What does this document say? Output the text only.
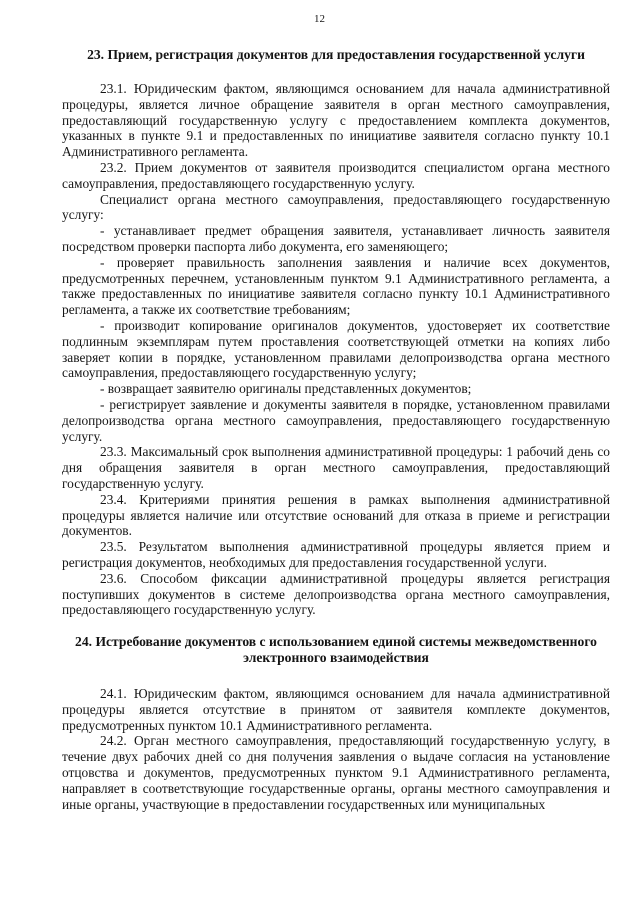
12
23. Прием, регистрация документов для предоставления государственной услуги

23.1. Юридическим фактом, являющимся основанием для начала административной процедуры, является личное обращение заявителя в орган местного самоуправления, предоставляющий государственную услугу с предоставлением комплекта документов, указанных в пункте 9.1 и предоставленных по инициативе заявителя согласно пункту 10.1 Административного регламента.

23.2. Прием документов от заявителя производится специалистом органа местного самоуправления, предоставляющего государственную услугу.

Специалист органа местного самоуправления, предоставляющего государственную услугу:

- устанавливает предмет обращения заявителя, устанавливает личность заявителя посредством проверки паспорта либо документа, его заменяющего;

- проверяет правильность заполнения заявления и наличие всех документов, предусмотренных перечнем, установленным пунктом 9.1 Административного регламента, а также предоставленных по инициативе заявителя согласно пункту 10.1 Административного регламента, а также их соответствие требованиям;

- производит копирование оригиналов документов, удостоверяет их соответствие подлинным экземплярам путем проставления соответствующей отметки на копиях либо заверяет копии в порядке, установленном правилами делопроизводства органа местного самоуправления, предоставляющего государственную услугу;

- возвращает заявителю оригиналы представленных документов;

- регистрирует заявление и документы заявителя в порядке, установленном правилами делопроизводства органа местного самоуправления, предоставляющего государственную услугу.

23.3. Максимальный срок выполнения административной процедуры: 1 рабочий день со дня обращения заявителя в орган местного самоуправления, предоставляющий государственную услугу.

23.4. Критериями принятия решения в рамках выполнения административной процедуры является наличие или отсутствие оснований для отказа в приеме и регистрации документов.

23.5. Результатом выполнения административной процедуры является прием и регистрация документов, необходимых для предоставления государственной услуги.

23.6. Способом фиксации административной процедуры является регистрация поступивших документов в системе делопроизводства органа местного самоуправления, предоставляющего государственную услугу.

24. Истребование документов с использованием единой системы межведомственного электронного взаимодействия

24.1. Юридическим фактом, являющимся основанием для начала административной процедуры является отсутствие в принятом от заявителя комплекте документов, предусмотренных пунктом 10.1 Административного регламента.

24.2. Орган местного самоуправления, предоставляющий государственную услугу, в течение двух рабочих дней со дня получения заявления о выдаче согласия на установление отцовства и документов, предусмотренных пунктом 9.1 Административного регламента, направляет в соответствующие государственные органы, органы местного самоуправления и иные органы, участвующие в предоставлении государственных или муниципальных
